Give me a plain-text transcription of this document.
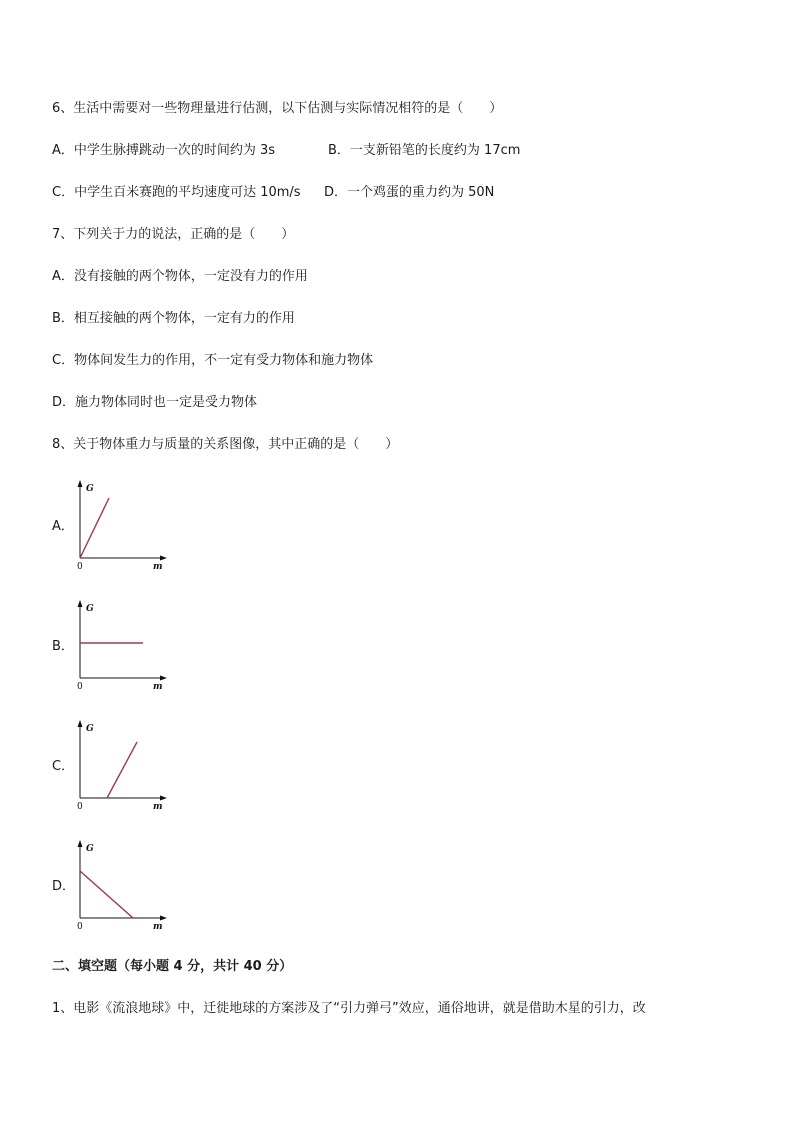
6、生活中需要对一些物理量进行估测，以下估测与实际情况相符的是（　　）
A．中学生脉搏跳动一次的时间约为 3s	B．一支新铅笔的长度约为 17cm
C．中学生百米赛跑的平均速度可达 10m/s D．一个鸡蛋的重力约为 50N
7、下列关于力的说法，正确的是（　　）
A．没有接触的两个物体，一定没有力的作用
B．相互接触的两个物体，一定有力的作用
C．物体间发生力的作用，不一定有受力物体和施力物体
D．施力物体同时也一定是受力物体
8、关于物体重力与质量的关系图像，其中正确的是（　　）
A．
G
0	m
B．
G
0	m
C．
G
0	m
D．
G
0	m
二、填空题（每小题 4 分，共计 40 分）
1、电影《流浪地球》中，迁徙地球的方案涉及了“引力弹弓”效应，通俗地讲，就是借助木星的引力，改
